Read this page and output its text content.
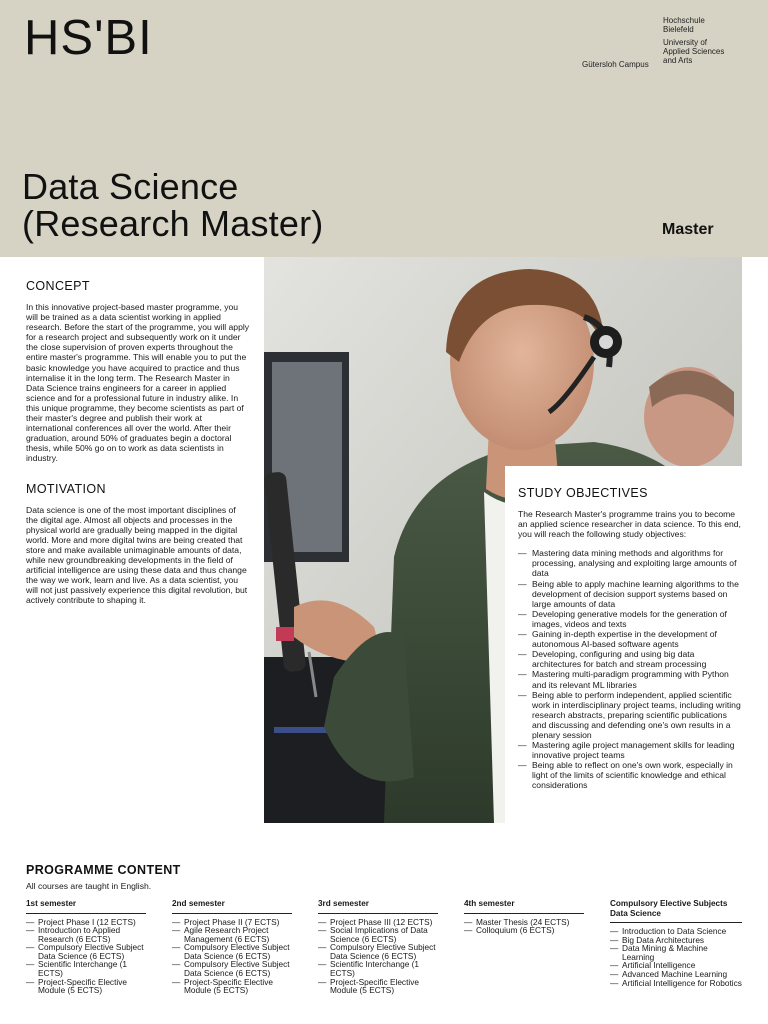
HS'BI	Hochschule
Bielefeld
University of
Applied Sciences
and Arts
Gütersloh Campus
Data Science
(Research Master)	Master
CONCEPT

In this innovative project-based master programme, you will be trained as a data scientist working in applied research. Before the start of the programme, you will apply for a research project and subsequently work on it under the close supervision of proven experts throughout the entire master's programme. This will enable you to put the basic knowledge you have acquired to practice and thus internalise it in the long term. The Research Master in Data Science trains engineers for a career in applied science and for a professional future in industry alike. In this unique programme, they become scientists as part of their master's degree and publish their work at international conferences all over the world. After their graduation, around 50% of graduates begin a doctoral thesis, while 50% go on to work as data scientists in industry.

MOTIVATION

Data science is one of the most important disciplines of the digital age. Almost all objects and processes in the physical world are gradually being mapped in the digital world. More and more digital twins are being created that store and make available unimaginable amounts of data, while new groundbreaking developments in the field of artificial intelligence are using these data and thus change the way we work, learn and live. As a data scientist, you will not just passively experience this digital revolution, but actively contribute to shaping it.

STUDY OBJECTIVES

The Research Master's programme trains you to become an applied science researcher in data science. To this end, you will reach the following study objectives:

— Mastering data mining methods and algorithms for processing, analysing and exploiting large amounts of data
— Being able to apply machine learning algorithms to the development of decision support systems based on large amounts of data
— Developing generative models for the generation of images, videos and texts
— Gaining in-depth expertise in the development of autonomous AI-based software agents
— Developing, configuring and using big data architectures for batch and stream processing
— Mastering multi-paradigm programming with Python and its relevant ML libraries
— Being able to perform independent, applied scientific work in interdisciplinary project teams, including writing research abstracts, preparing scientific publications and discussing and defending one's own results in a plenary session
— Mastering agile project management skills for leading innovative project teams
— Being able to reflect on one's own work, especially in light of the limits of scientific knowledge and ethical considerations
PROGRAMME CONTENT

All courses are taught in English.

1st semester
— Project Phase I (12 ECTS)
— Introduction to Applied Research (6 ECTS)
— Compulsory Elective Subject Data Science (6 ECTS)
— Scientific Interchange (1 ECTS)
— Project-Specific Elective Module (5 ECTS)
2nd semester
— Project Phase II (7 ECTS)
— Agile Research Project Management (6 ECTS)
— Compulsory Elective Subject Data Science (6 ECTS)
— Compulsory Elective Subject Data Science (6 ECTS)
— Project-Specific Elective Module (5 ECTS)
3rd semester
— Project Phase III (12 ECTS)
— Social Implications of Data Science (6 ECTS)
— Compulsory Elective Subject Data Science (6 ECTS)
— Scientific Interchange (1 ECTS)
— Project-Specific Elective Module (5 ECTS)
4th semester
— Master Thesis (24 ECTS)
— Colloquium (6 ECTS)
Compulsory Elective Subjects Data Science
— Introduction to Data Science
— Big Data Architectures
— Data Mining & Machine Learning
— Artificial Intelligence
— Advanced Machine Learning
— Artificial Intelligence for Robotics
